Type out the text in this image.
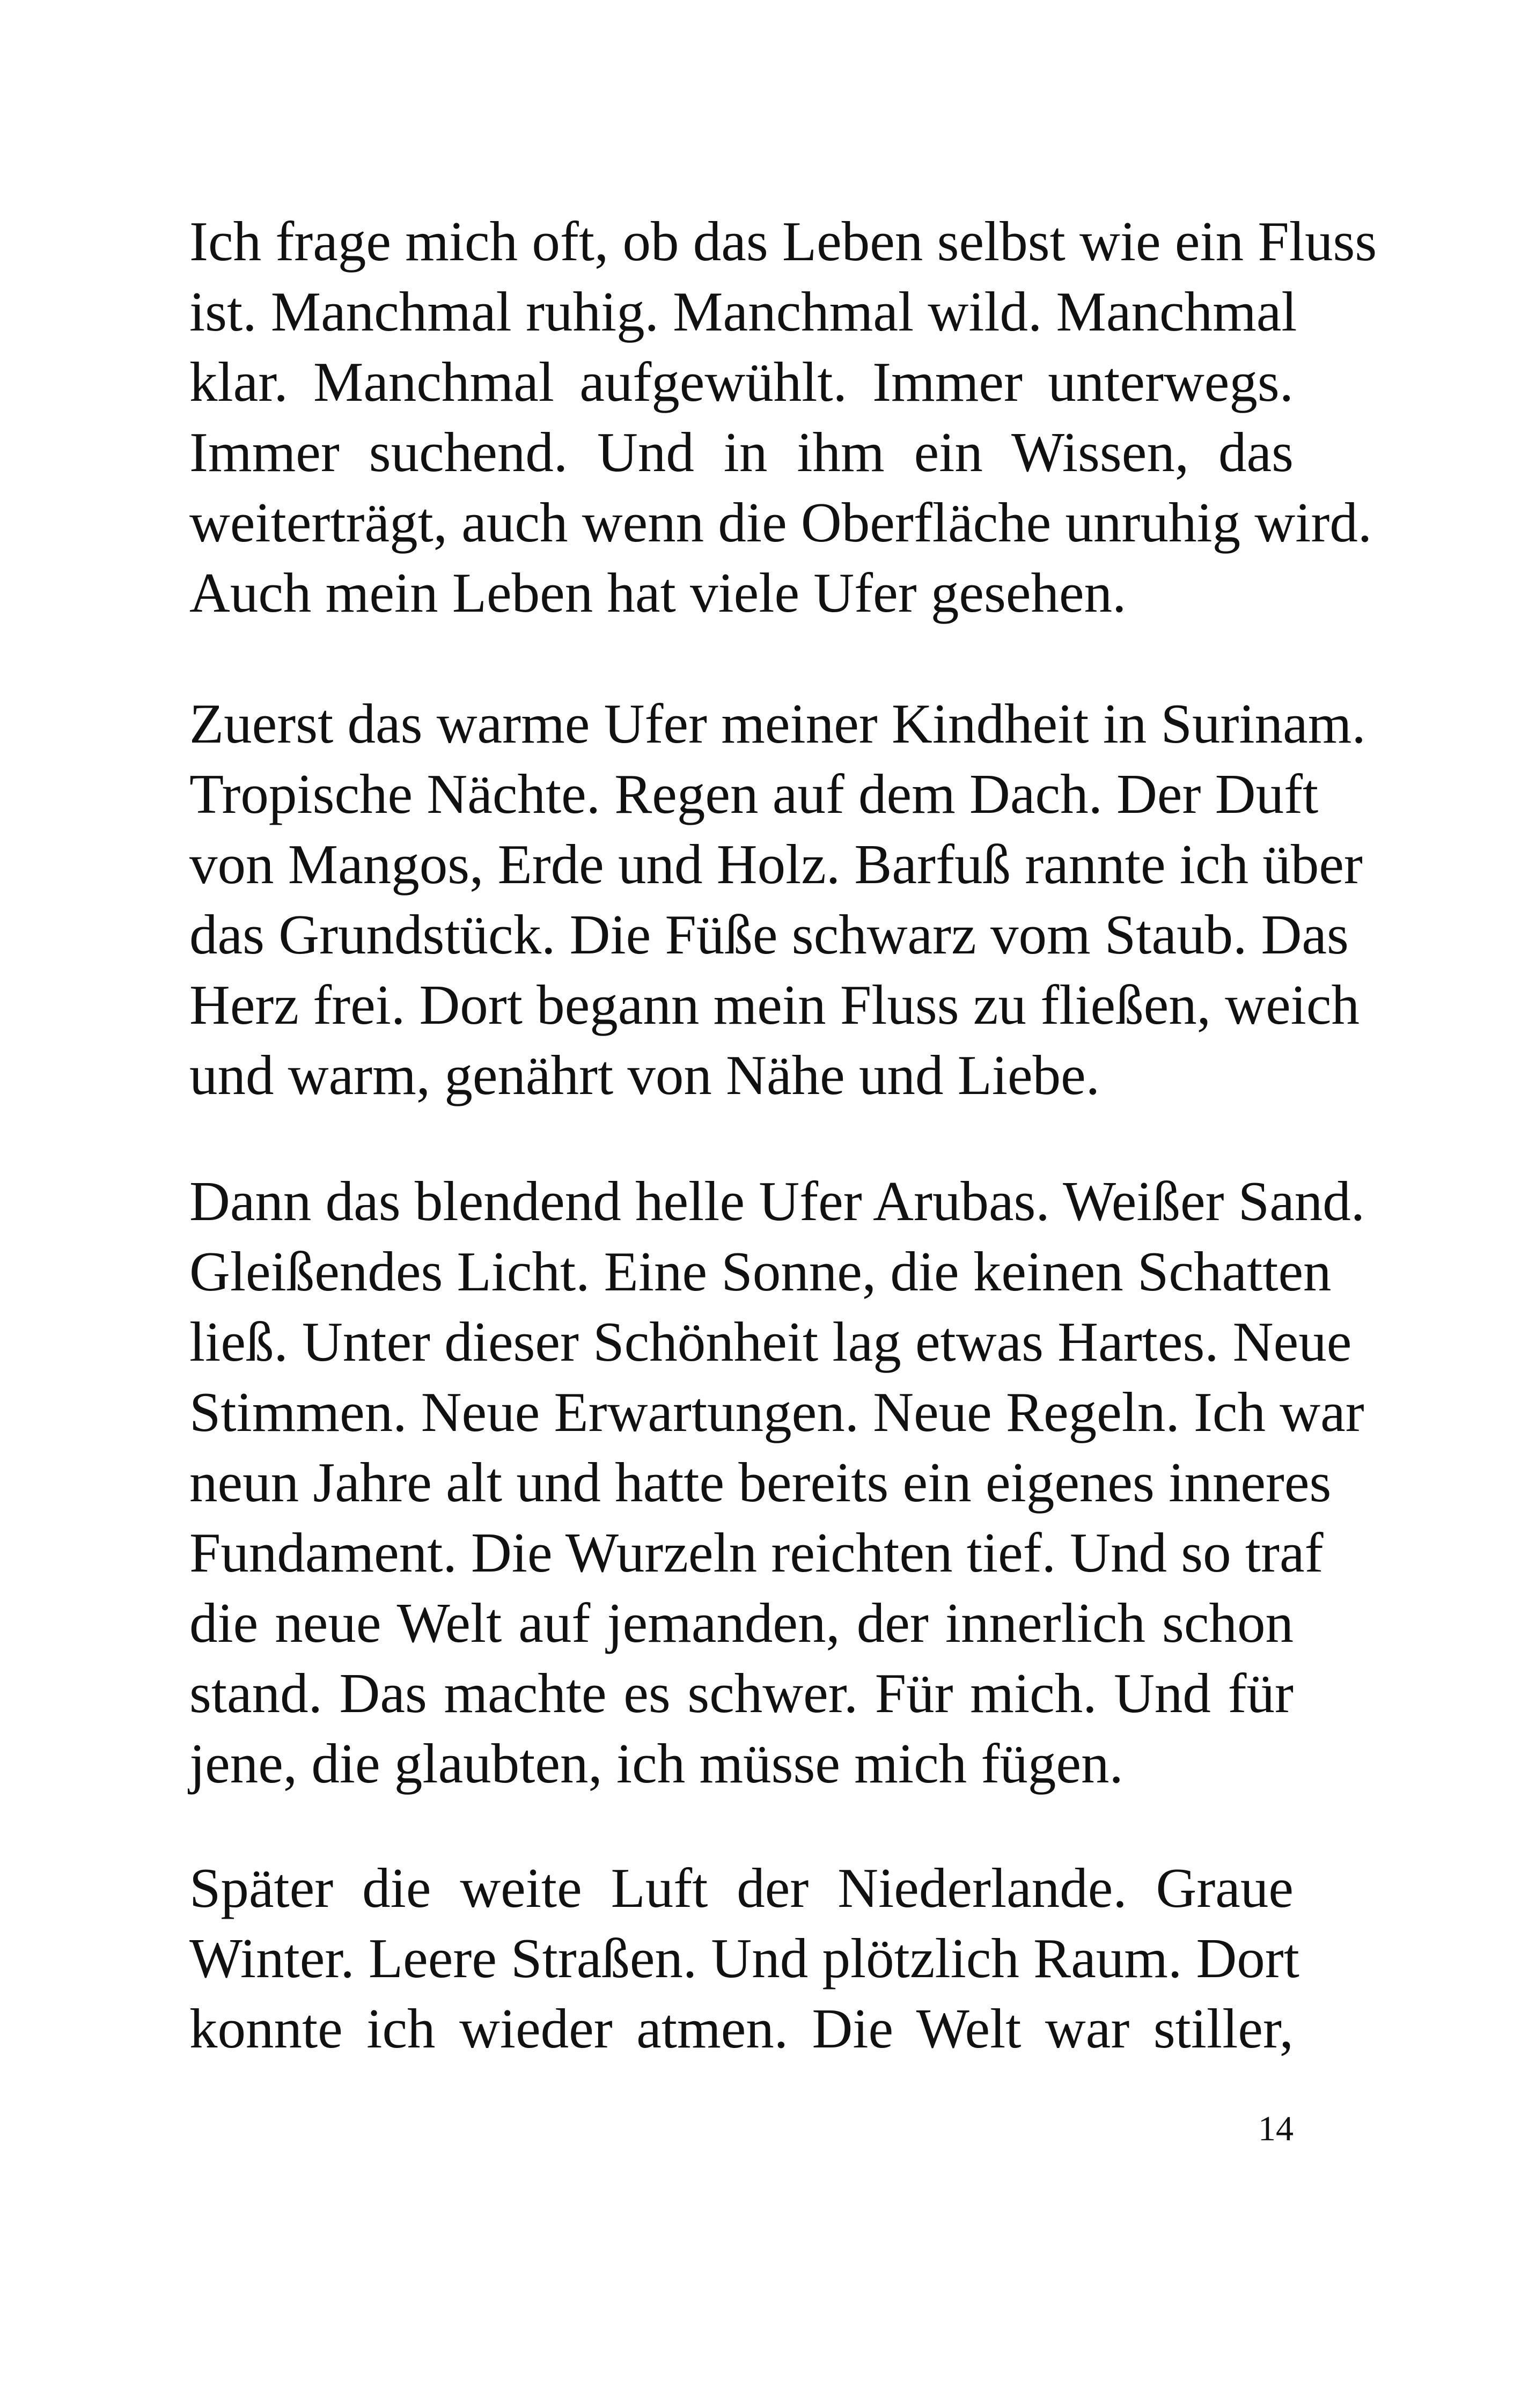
Ich frage mich oft, ob das Leben selbst wie ein Fluss
ist. Manchmal ruhig. Manchmal wild. Manchmal
klar. Manchmal aufgewühlt. Immer unterwegs.
Immer suchend. Und in ihm ein Wissen, das
weiterträgt, auch wenn die Oberfläche unruhig wird.
Auch mein Leben hat viele Ufer gesehen.
Zuerst das warme Ufer meiner Kindheit in Surinam.
Tropische Nächte. Regen auf dem Dach. Der Duft
von Mangos, Erde und Holz. Barfuß rannte ich über
das Grundstück. Die Füße schwarz vom Staub. Das
Herz frei. Dort begann mein Fluss zu fließen, weich
und warm, genährt von Nähe und Liebe.
Dann das blendend helle Ufer Arubas. Weißer Sand.
Gleißendes Licht. Eine Sonne, die keinen Schatten
ließ. Unter dieser Schönheit lag etwas Hartes. Neue
Stimmen. Neue Erwartungen. Neue Regeln. Ich war
neun Jahre alt und hatte bereits ein eigenes inneres
Fundament. Die Wurzeln reichten tief. Und so traf
die neue Welt auf jemanden, der innerlich schon
stand. Das machte es schwer. Für mich. Und für
jene, die glaubten, ich müsse mich fügen.
Später die weite Luft der Niederlande. Graue
Winter. Leere Straßen. Und plötzlich Raum. Dort
konnte ich wieder atmen. Die Welt war stiller,
14
